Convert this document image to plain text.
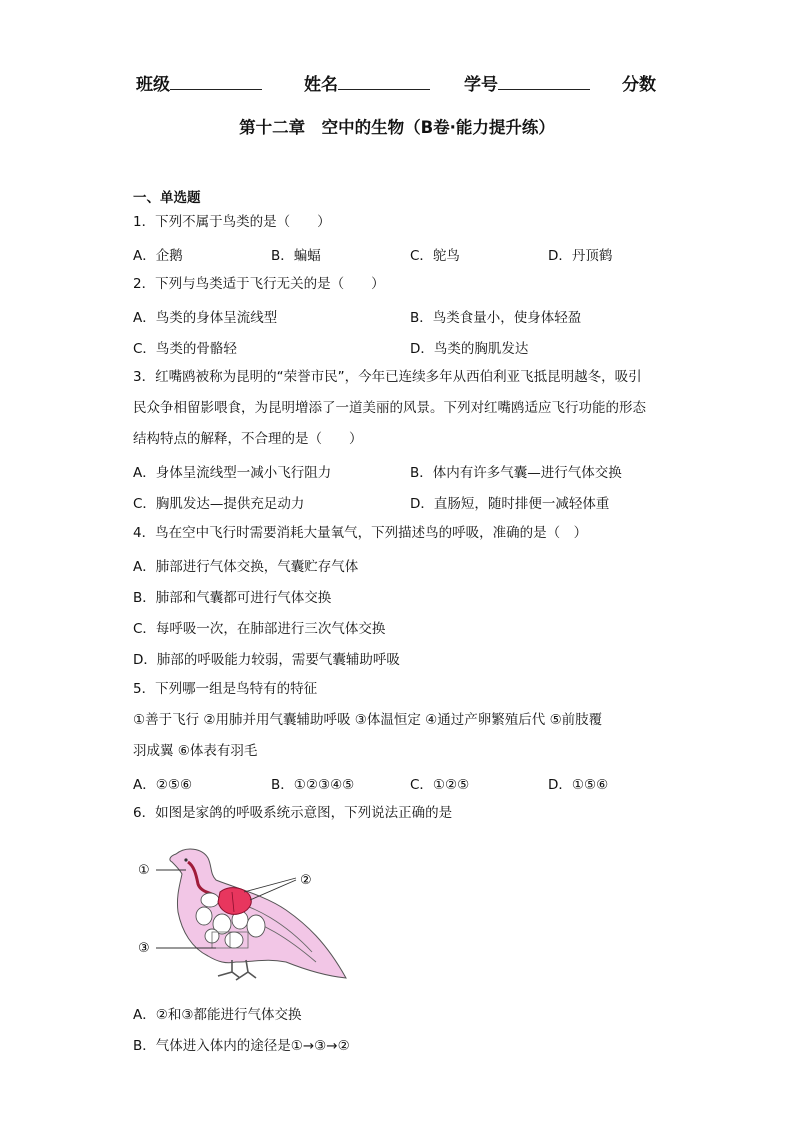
班级	姓名	学号	分数
第十二章　空中的生物（B卷·能力提升练）
一、单选题
1．下列不属于鸟类的是（　　）
A．企鹅	B．蝙蝠	C．鸵鸟	D．丹顶鹤
2．下列与鸟类适于飞行无关的是（　　）
A．鸟类的身体呈流线型	B．鸟类食量小，使身体轻盈
C．鸟类的骨骼轻	D．鸟类的胸肌发达
3．红嘴鸥被称为昆明的“荣誉市民”，今年已连续多年从西伯利亚飞抵昆明越冬，吸引
民众争相留影喂食，为昆明增添了一道美丽的风景。下列对红嘴鸥适应飞行功能的形态
结构特点的解释，不合理的是（　　）
A．身体呈流线型一减小飞行阻力	B．体内有许多气囊—进行气体交换
C．胸肌发达—提供充足动力	D．直肠短，随时排便一减轻体重
4．鸟在空中飞行时需要消耗大量氧气，下列描述鸟的呼吸，准确的是（　）
A．肺部进行气体交换，气囊贮存气体
B．肺部和气囊都可进行气体交换
C．每呼吸一次，在肺部进行三次气体交换
D．肺部的呼吸能力较弱，需要气囊辅助呼吸
5．下列哪一组是鸟特有的特征
①善于飞行 ②用肺并用气囊辅助呼吸 ③体温恒定 ④通过产卵繁殖后代 ⑤前肢覆
羽成翼 ⑥体表有羽毛
A．②⑤⑥	B．①②③④⑤	C．①②⑤	D．①⑤⑥
6．如图是家鸽的呼吸系统示意图，下列说法正确的是
①
②
③
A．②和③都能进行气体交换
B．气体进入体内的途径是①→③→②
